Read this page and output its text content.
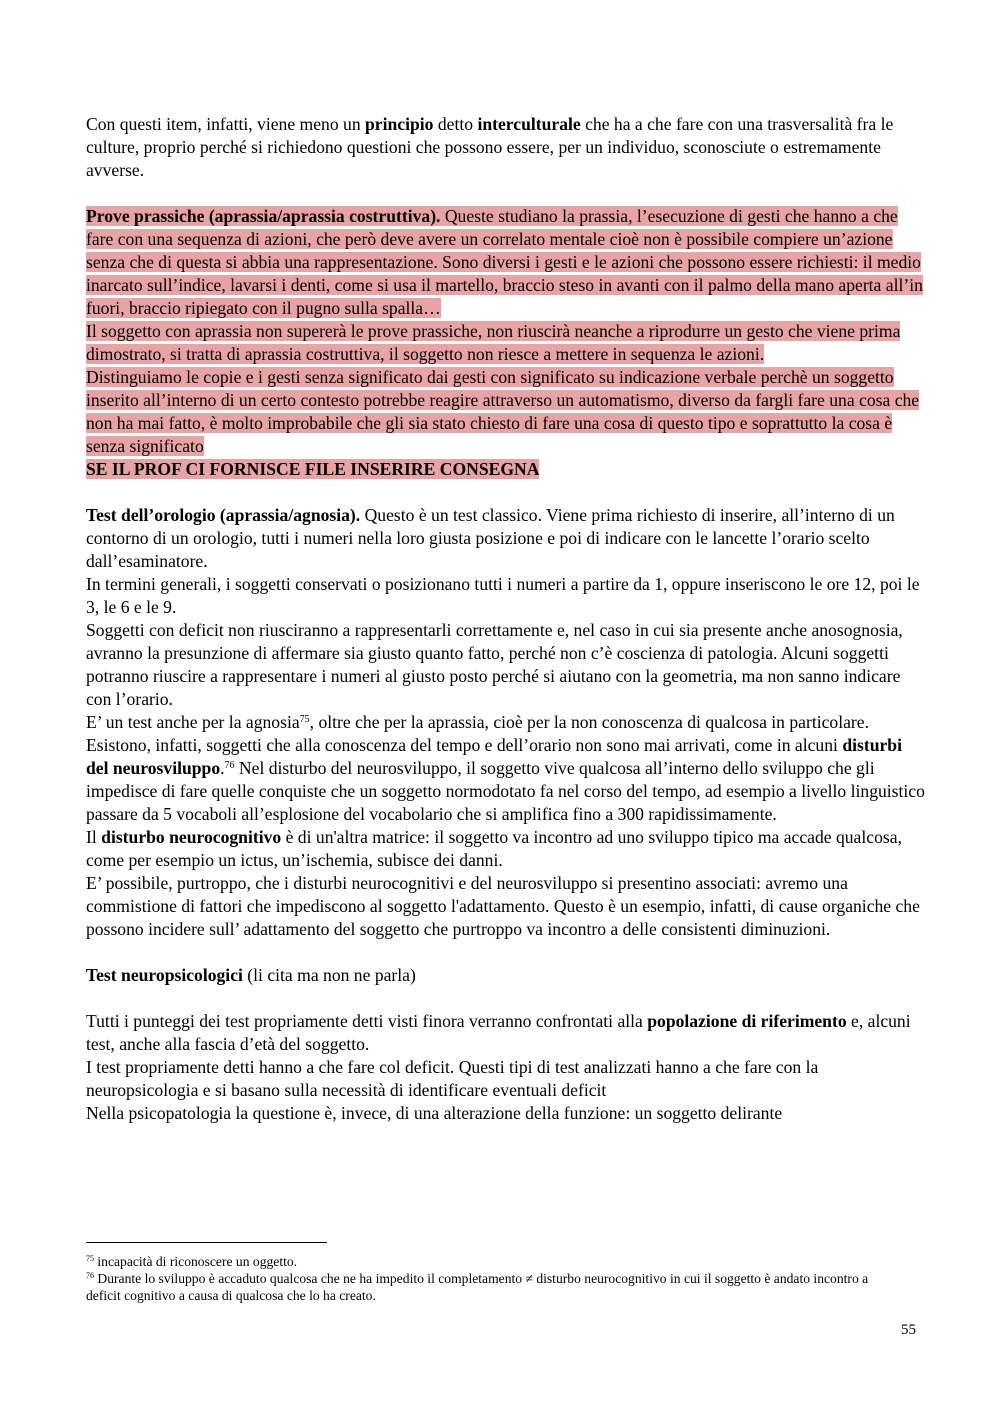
Con questi item, infatti, viene meno un principio detto interculturale che ha a che fare con una trasversalità fra le culture, proprio perché si richiedono questioni che possono essere, per un individuo, sconosciute o estremamente avverse.

Prove prassiche (aprassia/aprassia costruttiva). Queste studiano la prassia, l’esecuzione di gesti che hanno a che fare con una sequenza di azioni, che però deve avere un correlato mentale cioè non è possibile compiere un’azione senza che di questa si abbia una rappresentazione. Sono diversi i gesti e le azioni che possono essere richiesti: il medio inarcato sull’indice, lavarsi i denti, come si usa il martello, braccio steso in avanti con il palmo della mano aperta all’in fuori, braccio ripiegato con il pugno sulla spalla…

Il soggetto con aprassia non supererà le prove prassiche, non riuscirà neanche a riprodurre un gesto che viene prima dimostrato, si tratta di aprassia costruttiva, il soggetto non riesce a mettere in sequenza le azioni.

Distinguiamo le copie e i gesti senza significato dai gesti con significato su indicazione verbale perchè un soggetto inserito all’interno di un certo contesto potrebbe reagire attraverso un automatismo, diverso da fargli fare una cosa che non ha mai fatto, è molto improbabile che gli sia stato chiesto di fare una cosa di questo tipo e soprattutto la cosa è senza significato

SE IL PROF CI FORNISCE FILE INSERIRE CONSEGNA

Test dell’orologio (aprassia/agnosia). Questo è un test classico. Viene prima richiesto di inserire, all’interno di un contorno di un orologio, tutti i numeri nella loro giusta posizione e poi di indicare con le lancette l’orario scelto dall’esaminatore.

In termini generali, i soggetti conservati o posizionano tutti i numeri a partire da 1, oppure inseriscono le ore 12, poi le 3, le 6 e le 9.

Soggetti con deficit non riusciranno a rappresentarli correttamente e, nel caso in cui sia presente anche anosognosia, avranno la presunzione di affermare sia giusto quanto fatto, perché non c’è coscienza di patologia. Alcuni soggetti potranno riuscire a rappresentare i numeri al giusto posto perché si aiutano con la geometria, ma non sanno indicare con l’orario.

E’ un test anche per la agnosia$^{75}$, oltre che per la aprassia, cioè per la non conoscenza di qualcosa in particolare. Esistono, infatti, soggetti che alla conoscenza del tempo e dell’orario non sono mai arrivati, come in alcuni disturbi del neurosviluppo.$^{76}$ Nel disturbo del neurosviluppo, il soggetto vive qualcosa all’interno dello sviluppo che gli impedisce di fare quelle conquiste che un soggetto normodotato fa nel corso del tempo, ad esempio a livello linguistico passare da 5 vocaboli all’esplosione del vocabolario che si amplifica fino a 300 rapidissimamente.

Il disturbo neurocognitivo è di un'altra matrice: il soggetto va incontro ad uno sviluppo tipico ma accade qualcosa, come per esempio un ictus, un’ischemia, subisce dei danni.

E’ possibile, purtroppo, che i disturbi neurocognitivi e del neurosviluppo si presentino associati: avremo una commistione di fattori che impediscono al soggetto l'adattamento. Questo è un esempio, infatti, di cause organiche che possono incidere sull’ adattamento del soggetto che purtroppo va incontro a delle consistenti diminuzioni.

Test neuropsicologici (li cita ma non ne parla)

Tutti i punteggi dei test propriamente detti visti finora verranno confrontati alla popolazione di riferimento e, alcuni test, anche alla fascia d’età del soggetto.

I test propriamente detti hanno a che fare col deficit. Questi tipi di test analizzati hanno a che fare con la neuropsicologia e si basano sulla necessità di identificare eventuali deficit

Nella psicopatologia la questione è, invece, di una alterazione della funzione: un soggetto delirante

$^{75}$ incapacità di riconoscere un oggetto.

$^{76}$ Durante lo sviluppo è accaduto qualcosa che ne ha impedito il completamento ≠ disturbo neurocognitivo in cui il soggetto è andato incontro a deficit cognitivo a causa di qualcosa che lo ha creato.

55
